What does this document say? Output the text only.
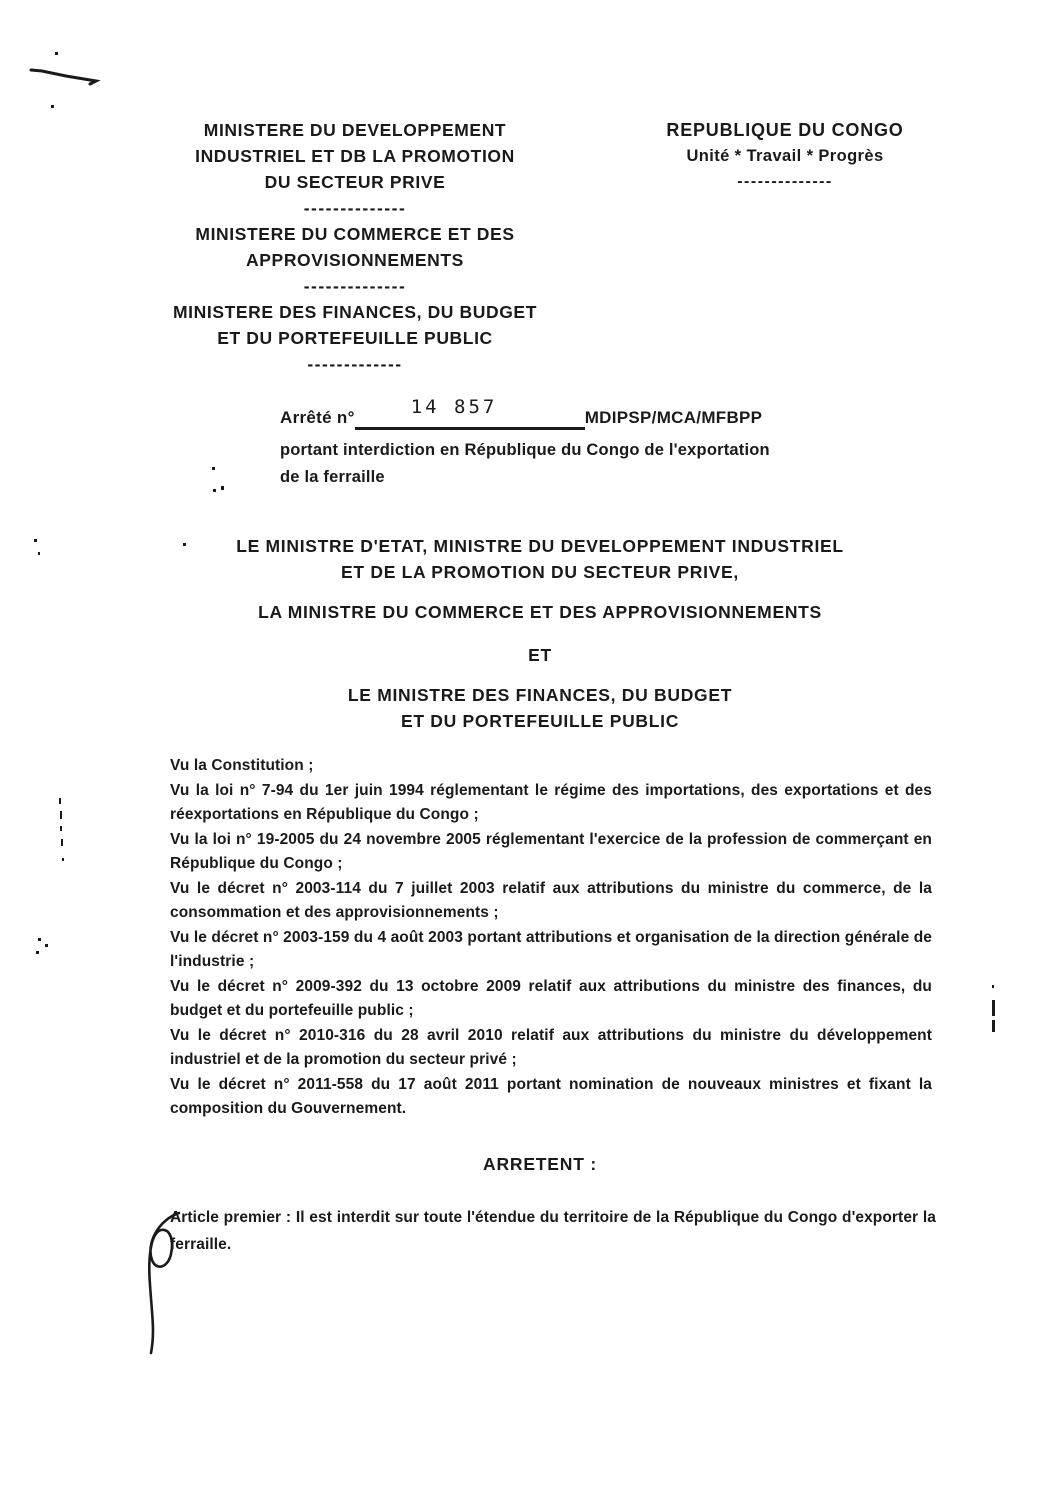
MINISTERE DU DEVELOPPEMENT
INDUSTRIEL ET DB LA PROMOTION
DU SECTEUR PRIVE
--------------
MINISTERE DU COMMERCE ET DES
APPROVISIONNEMENTS
--------------
MINISTERE DES FINANCES, DU BUDGET
ET DU PORTEFEUILLE PUBLIC
-------------
REPUBLIQUE DU CONGO
Unité * Travail * Progrès
--------------
Arrêté n°	14 857	MDIPSP/MCA/MFBPP
portant interdiction en République du Congo de l'exportation
de la ferraille
LE MINISTRE D'ETAT, MINISTRE DU DEVELOPPEMENT INDUSTRIEL
ET DE LA PROMOTION DU SECTEUR PRIVE,
LA MINISTRE DU COMMERCE ET DES APPROVISIONNEMENTS
ET
LE MINISTRE DES FINANCES, DU BUDGET
ET DU PORTEFEUILLE PUBLIC

Vu la Constitution ;

Vu la loi n° 7-94 du 1er juin 1994 réglementant le régime des importations, des exportations et des réexportations en République du Congo ;

Vu la loi n° 19-2005 du 24 novembre 2005 réglementant l'exercice de la profession de commerçant en République du Congo ;

Vu le décret n° 2003-114 du 7 juillet 2003 relatif aux attributions du ministre du commerce, de la consommation et des approvisionnements ;

Vu le décret n° 2003-159 du 4 août 2003 portant attributions et organisation de la direction générale de l'industrie ;

Vu le décret n° 2009-392 du 13 octobre 2009 relatif aux attributions du ministre des finances, du budget et du portefeuille public ;

Vu le décret n° 2010-316 du 28 avril 2010 relatif aux attributions du ministre du développement industriel et de la promotion du secteur privé ;

Vu le décret n° 2011-558 du 17 août 2011 portant nomination de nouveaux ministres et fixant la composition du Gouvernement.

ARRETENT :
Article premier : Il est interdit sur toute l'étendue du territoire de la République du Congo d'exporter la ferraille.
